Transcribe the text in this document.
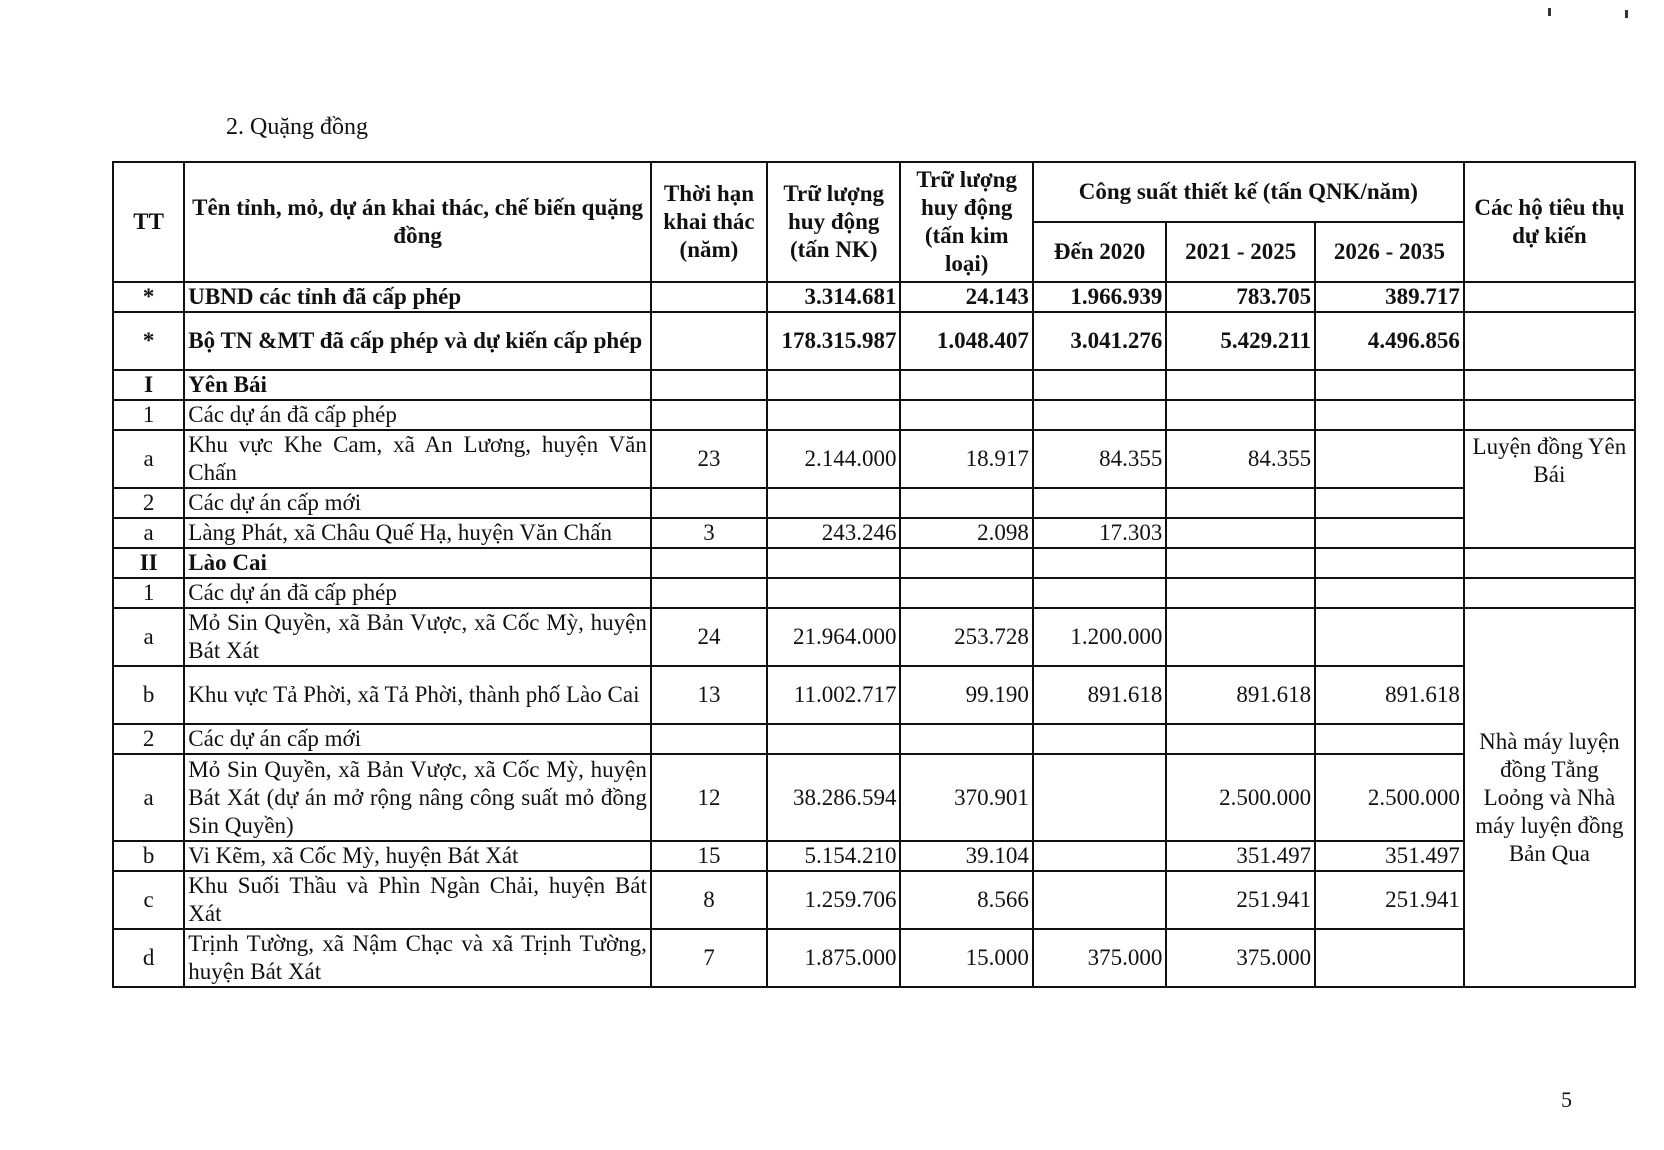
2. Quặng đồng
TT	Tên tỉnh, mỏ, dự án khai thác, chế biến quặng đồng	Thời hạn khai thác (năm)	Trữ lượng huy động (tấn NK)	Trữ lượng huy động (tấn kim loại)	Công suất thiết kế (tấn QNK/năm)			Các hộ tiêu thụ dự kiến
					Đến 2020	2021 - 2025	2026 - 2035	
*	UBND các tỉnh đã cấp phép		3.314.681	24.143	1.966.939	783.705	389.717	
*	Bộ TN &MT đã cấp phép và dự kiến cấp phép		178.315.987	1.048.407	3.041.276	5.429.211	4.496.856	
I	Yên Bái							
1	Các dự án đã cấp phép							
a	Khu vực Khe Cam, xã An Lương, huyện Văn Chấn	23	2.144.000	18.917	84.355	84.355		Luyện đồng Yên Bái
2	Các dự án cấp mới							
a	Làng Phát, xã Châu Quế Hạ, huyện Văn Chấn	3	243.246	2.098	17.303			
II	Lào Cai							
1	Các dự án đã cấp phép							
a	Mỏ Sin Quyền, xã Bản Vược, xã Cốc Mỳ, huyện Bát Xát	24	21.964.000	253.728	1.200.000			Nhà máy luyện đồng Tằng Loỏng và Nhà máy luyện đồng Bản Qua
b	Khu vực Tả Phời, xã Tả Phời, thành phố Lào Cai	13	11.002.717	99.190	891.618	891.618	891.618	
2	Các dự án cấp mới							
a	Mỏ Sin Quyền, xã Bản Vược, xã Cốc Mỳ, huyện Bát Xát (dự án mở rộng nâng công suất mỏ đồng Sin Quyền)	12	38.286.594	370.901		2.500.000	2.500.000	
b	Vi Kẽm, xã Cốc Mỳ, huyện Bát Xát	15	5.154.210	39.104		351.497	351.497	
c	Khu Suối Thầu và Phìn Ngàn Chải, huyện Bát Xát	8	1.259.706	8.566		251.941	251.941	
d	Trịnh Tường, xã Nậm Chạc và xã Trịnh Tường, huyện Bát Xát	7	1.875.000	15.000	375.000	375.000		
5
